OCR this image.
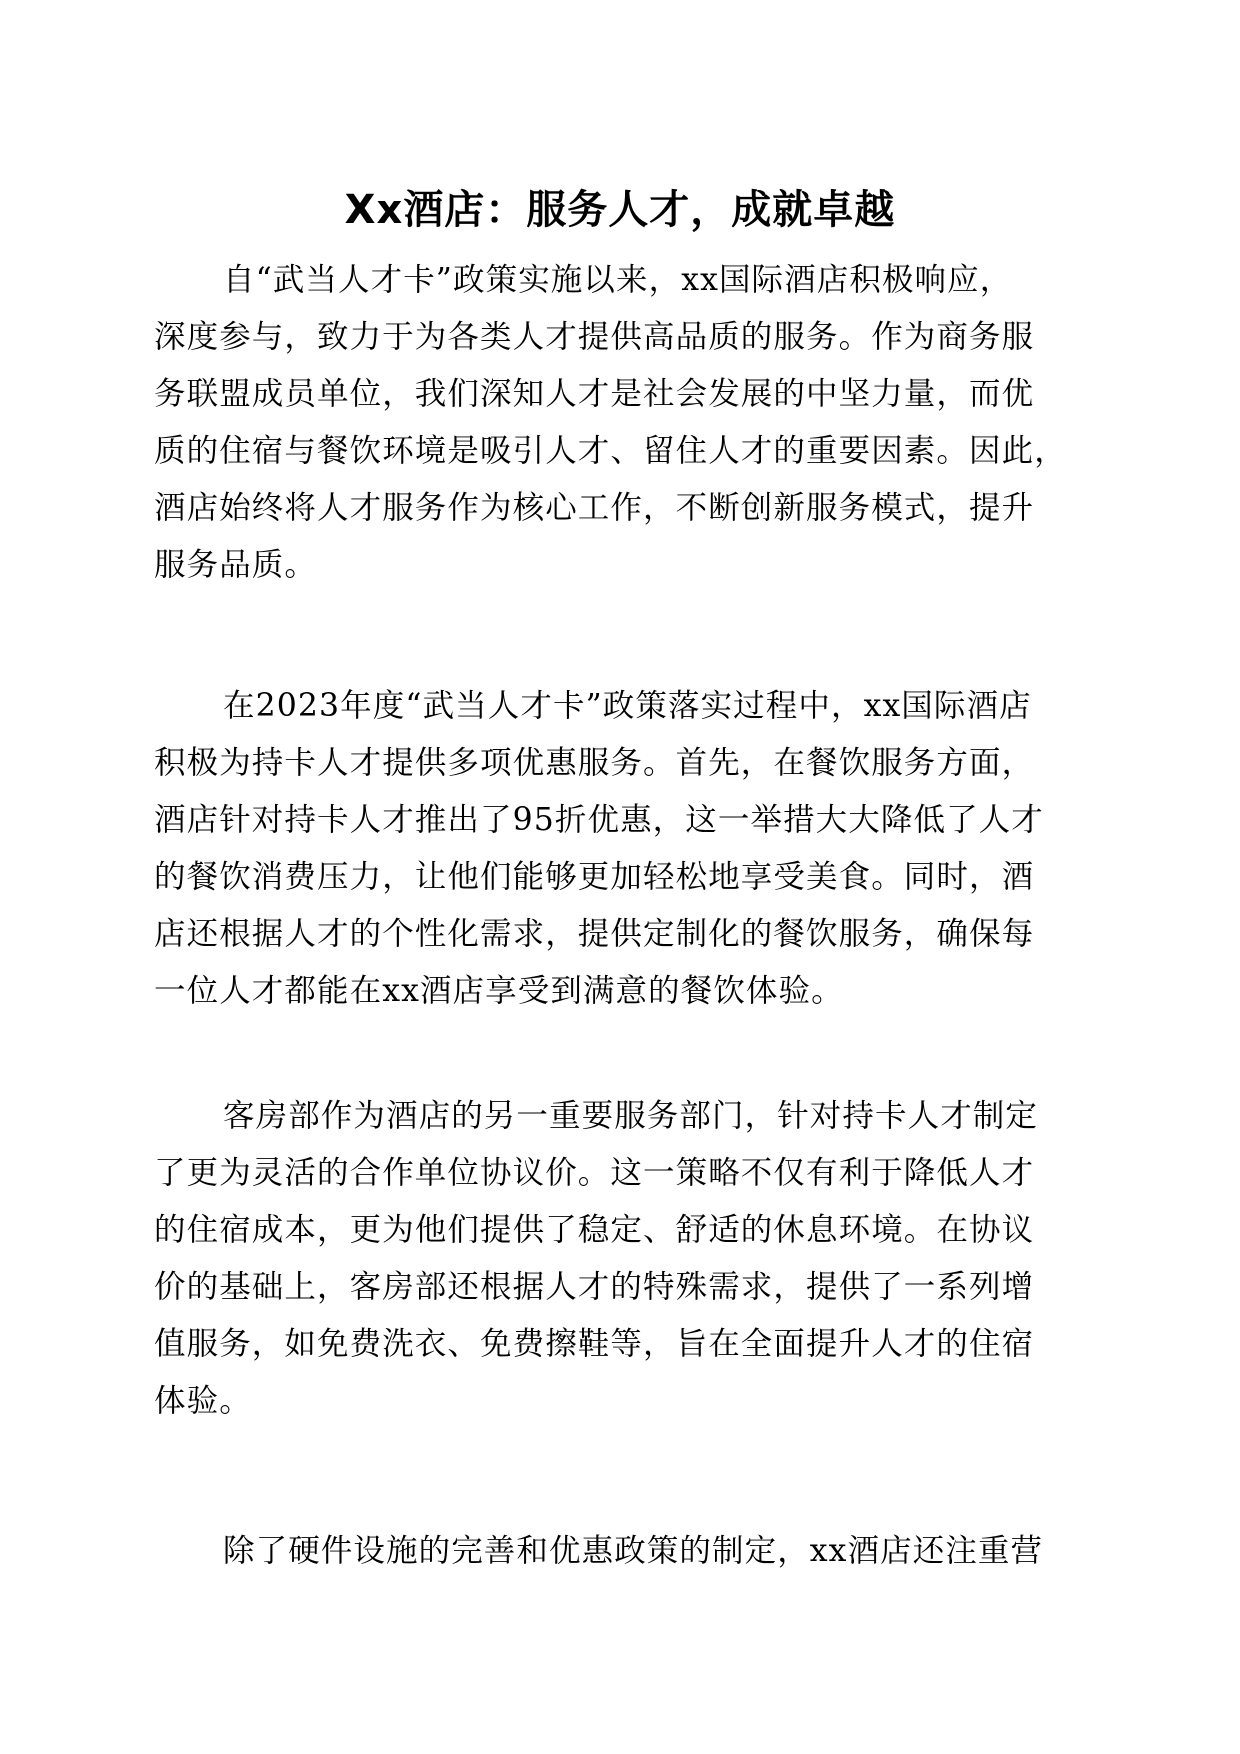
Xx酒店：服务人才，成就卓越
自“武当人才卡”政策实施以来，xx国际酒店积极响应，
深度参与，致力于为各类人才提供高品质的服务。作为商务服
务联盟成员单位，我们深知人才是社会发展的中坚力量，而优
质的住宿与餐饮环境是吸引人才、留住人才的重要因素。因此，
酒店始终将人才服务作为核心工作，不断创新服务模式，提升
服务品质。
在2023年度“武当人才卡”政策落实过程中，xx国际酒店
积极为持卡人才提供多项优惠服务。首先，在餐饮服务方面，
酒店针对持卡人才推出了95折优惠，这一举措大大降低了人才
的餐饮消费压力，让他们能够更加轻松地享受美食。同时，酒
店还根据人才的个性化需求，提供定制化的餐饮服务，确保每
一位人才都能在xx酒店享受到满意的餐饮体验。
客房部作为酒店的另一重要服务部门，针对持卡人才制定
了更为灵活的合作单位协议价。这一策略不仅有利于降低人才
的住宿成本，更为他们提供了稳定、舒适的休息环境。在协议
价的基础上，客房部还根据人才的特殊需求，提供了一系列增
值服务，如免费洗衣、免费擦鞋等，旨在全面提升人才的住宿
体验。
除了硬件设施的完善和优惠政策的制定，xx酒店还注重营
